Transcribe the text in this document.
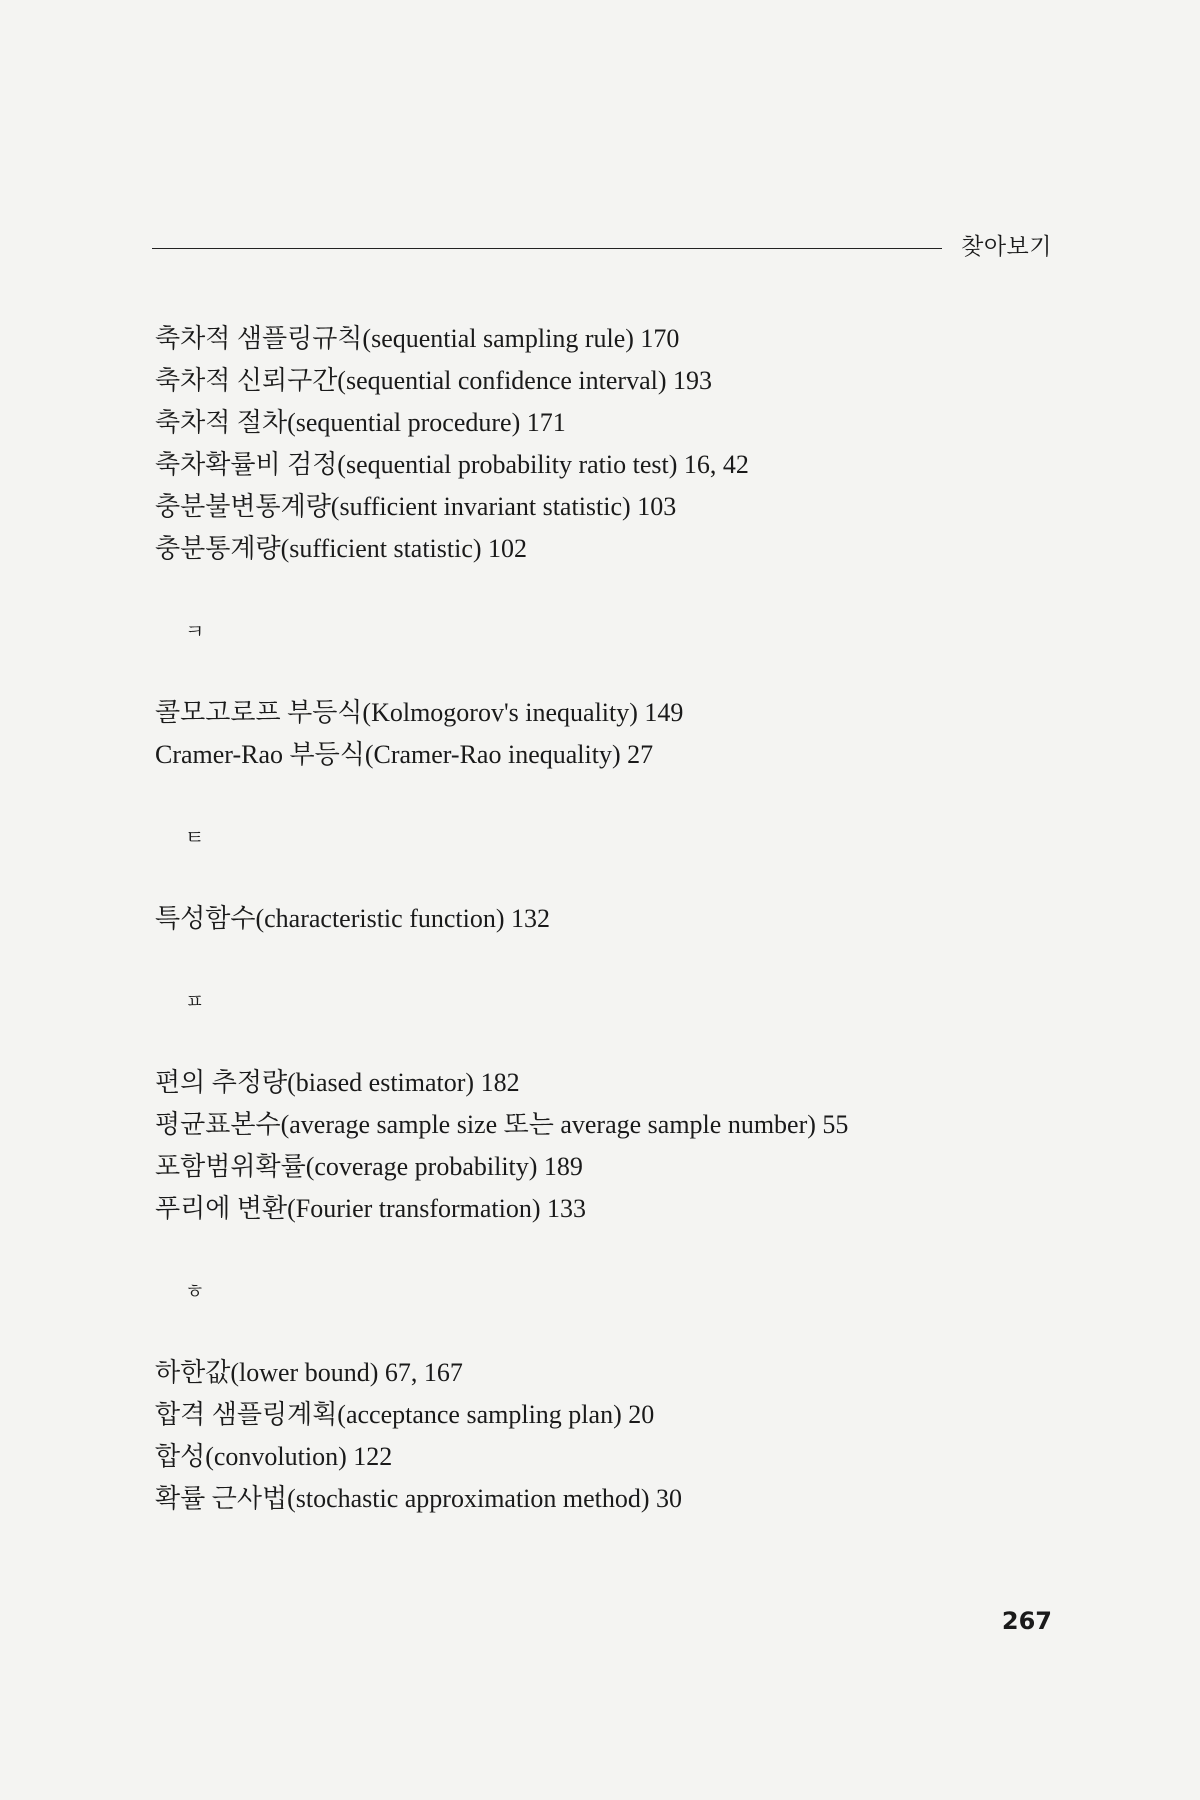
찾아보기
축차적 샘플링규칙(sequential sampling rule) 170
축차적 신뢰구간(sequential confidence interval) 193
축차적 절차(sequential procedure) 171
축차확률비 검정(sequential probability ratio test) 16, 42
충분불변통계량(sufficient invariant statistic) 103
충분통계량(sufficient statistic) 102
ㅋ
콜모고로프 부등식(Kolmogorov's inequality) 149
Cramer-Rao 부등식(Cramer-Rao inequality) 27
ㅌ
특성함수(characteristic function) 132
ㅍ
편의 추정량(biased estimator) 182
평균표본수(average sample size 또는 average sample number) 55
포함범위확률(coverage probability) 189
푸리에 변환(Fourier transformation) 133
ㅎ
하한값(lower bound) 67, 167
합격 샘플링계획(acceptance sampling plan) 20
합성(convolution) 122
확률 근사법(stochastic approximation method) 30
267
